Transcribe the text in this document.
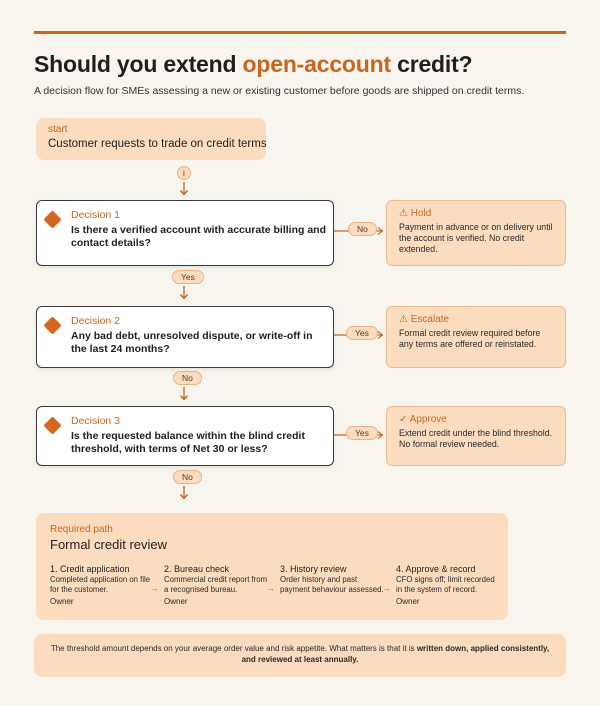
Should you extend open-account credit?

A decision flow for SMEs assessing a new or existing customer before goods are shipped on credit terms.

start
Customer requests to trade on credit terms
i
Decision 1
Is there a verified account with accurate billing and contact details?
No
⚠ Hold
Payment in advance or on delivery until the account is verified. No credit extended.
Yes
Decision 2
Any bad debt, unresolved dispute, or write-off in the last 24 months?
Yes
⚠ Escalate
Formal credit review required before any terms are offered or reinstated.
No
Decision 3
Is the requested balance within the blind credit threshold, with terms of Net 30 or less?
Yes
✓ Approve
Extend credit under the blind threshold. No formal review needed.
No
Required path
Formal credit review
1. Credit application
Completed application on file for the customer.
Owner
→
2. Bureau check
Commercial credit report from a recognised bureau.
Owner
→
3. History review
Order history and past payment behaviour assessed.
→
4. Approve & record
CFO signs off; limit recorded in the system of record.
Owner
The threshold amount depends on your average order value and risk appetite. What matters is that it is written down, applied consistently, and reviewed at least annually.
